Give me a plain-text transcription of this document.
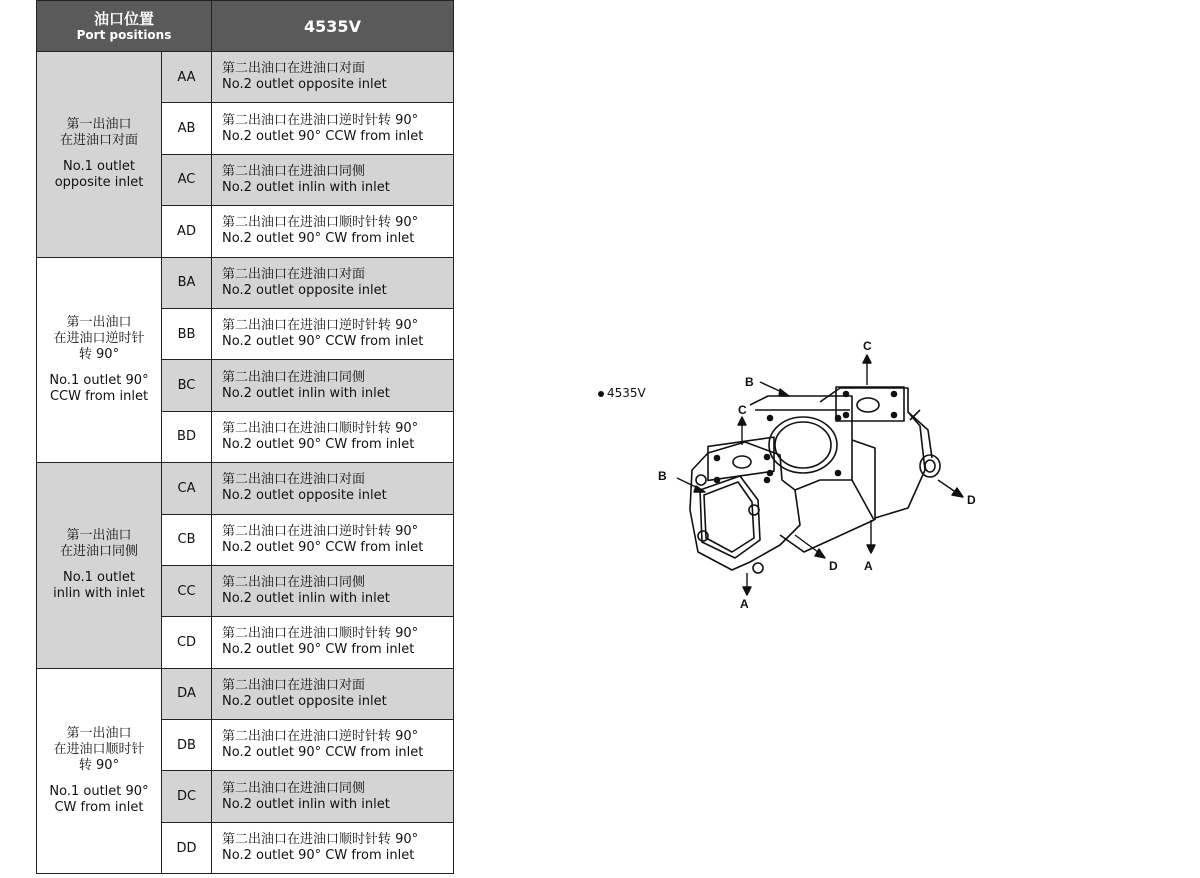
油口位置
Port positions		4535V

第一出油口
在进油口对面
No.1 outlet
opposite inlet	AA	第二出油口在进油口对面
No.2 outlet opposite inlet

	AB	第二出油口在进油口逆时针转 90°
No.2 outlet 90° CCW from inlet

	AC	第二出油口在进油口同侧
No.2 outlet inlin with inlet

	AD	第二出油口在进油口顺时针转 90°
No.2 outlet 90° CW from inlet

第一出油口
在进油口逆时针
转 90°
No.1 outlet 90°
CCW from inlet	BA	第二出油口在进油口对面
No.2 outlet opposite inlet

	BB	第二出油口在进油口逆时针转 90°
No.2 outlet 90° CCW from inlet

	BC	第二出油口在进油口同侧
No.2 outlet inlin with inlet

	BD	第二出油口在进油口顺时针转 90°
No.2 outlet 90° CW from inlet

第一出油口
在进油口同侧
No.1 outlet
inlin with inlet	CA	第二出油口在进油口对面
No.2 outlet opposite inlet

	CB	第二出油口在进油口逆时针转 90°
No.2 outlet 90° CCW from inlet

	CC	第二出油口在进油口同侧
No.2 outlet inlin with inlet

	CD	第二出油口在进油口顺时针转 90°
No.2 outlet 90° CW from inlet

第一出油口
在进油口顺时针
转 90°
No.1 outlet 90°
CW from inlet	DA	第二出油口在进油口对面
No.2 outlet opposite inlet

	DB	第二出油口在进油口逆时针转 90°
No.2 outlet 90° CCW from inlet

	DC	第二出油口在进油口同侧
No.2 outlet inlin with inlet

	DD	第二出油口在进油口顺时针转 90°
No.2 outlet 90° CW from inlet
4535V
C
C
B
B
D
D
A
A
